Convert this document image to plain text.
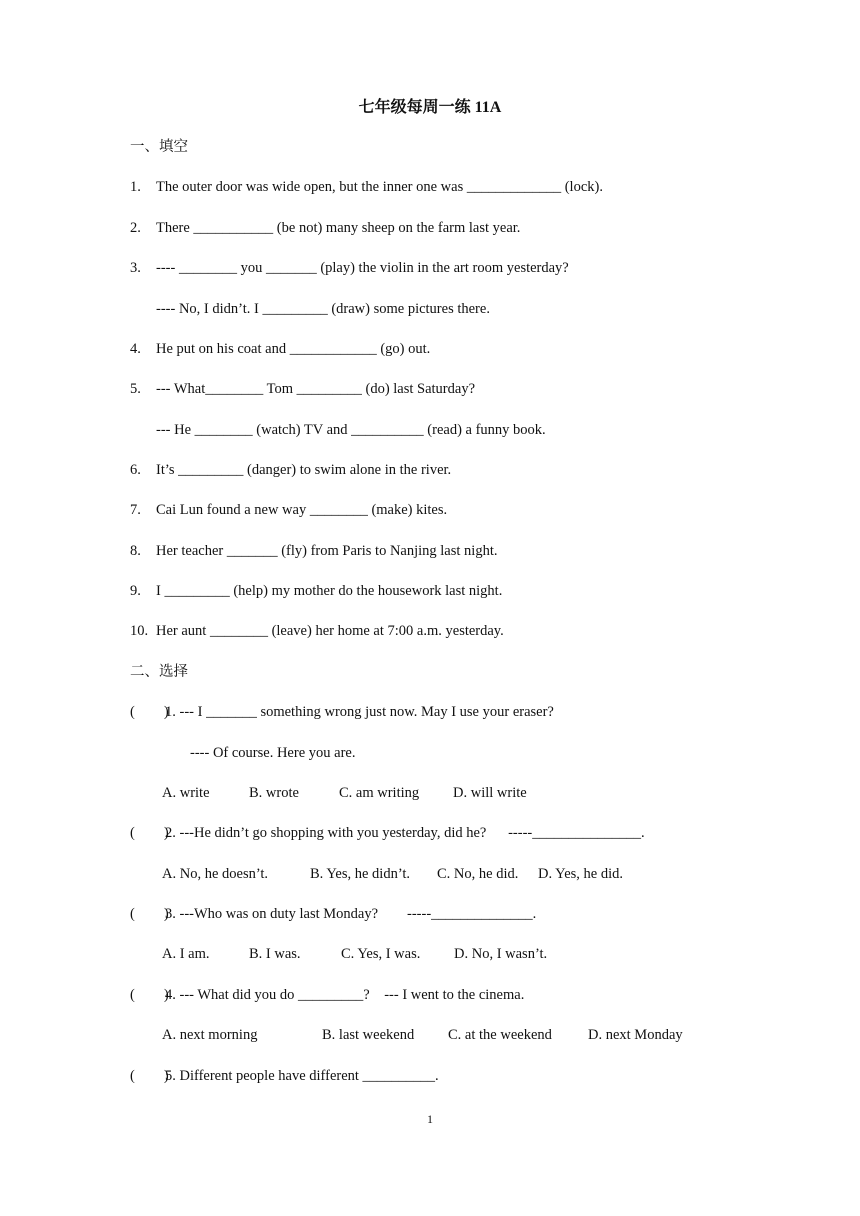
七年级每周一练 11A
一、填空
1. The outer door was wide open, but the inner one was _____________ (lock).
2. There ___________ (be not) many sheep on the farm last year.
3. ---- ________ you _______ (play) the violin in the art room yesterday?
---- No, I didn’t. I _________ (draw) some pictures there.
4. He put on his coat and ____________ (go) out.
5. --- What________ Tom _________ (do) last Saturday?
--- He ________ (watch) TV and __________ (read) a funny book.
6. It’s _________ (danger) to swim alone in the river.
7. Cai Lun found a new way ________ (make) kites.
8. Her teacher _______ (fly) from Paris to Nanjing last night.
9. I _________ (help) my mother do the housework last night.
10. Her aunt ________ (leave) her home at 7:00 a.m. yesterday.
二、选择
(        )
1. --- I _______ something wrong just now. May I use your eraser?
---- Of course. Here you are.
A. write	B. wrote	C. am writing D. will write
(        )
2. ---He didn’t go shopping with you yesterday, did he?      -----_______________.
A. No, he doesn’t.	B. Yes, he didn’t. C. No, he did. D. Yes, he did.
(        )
3. ---Who was on duty last Monday?        -----______________.
A. I am.	B. I was.	C. Yes, I was. D. No, I wasn’t.
(        )
4. --- What did you do _________?    --- I went to the cinema.
A. next morning	B. last weekend C. at the weekend D. next Monday
(        )
5. Different people have different __________.
1
